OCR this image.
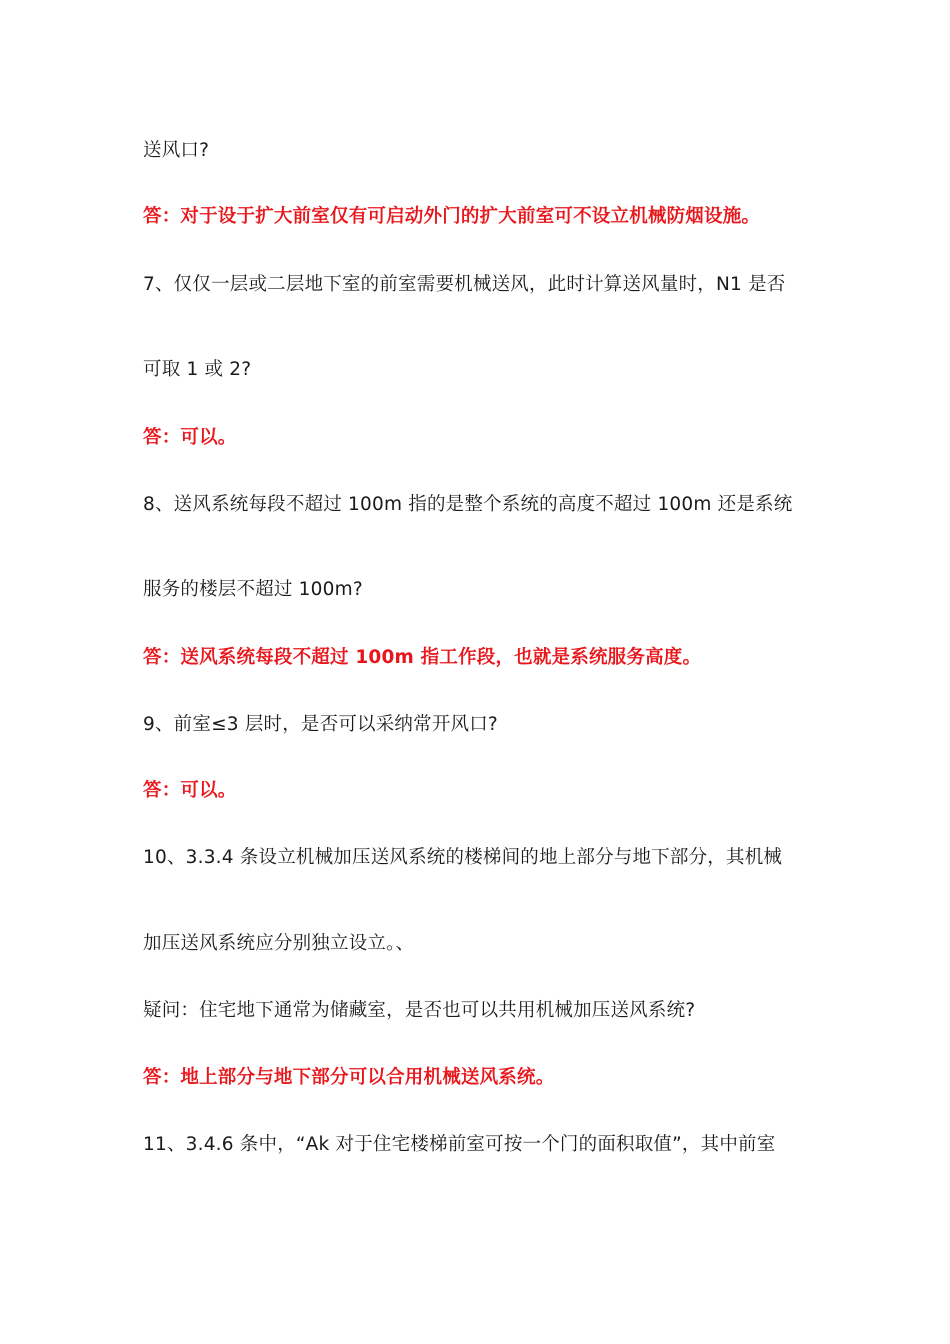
送风口?
答：对于设于扩大前室仅有可启动外门的扩大前室可不设立机械防烟设施。
7、仅仅一层或二层地下室的前室需要机械送风，此时计算送风量时，N1 是否
可取 1 或 2?
答：可以。
8、送风系统每段不超过 100m 指的是整个系统的高度不超过 100m 还是系统
服务的楼层不超过 100m?
答：送风系统每段不超过 100m 指工作段，也就是系统服务高度。
9、前室≤3 层时，是否可以采纳常开风口?
答：可以。
10、3.3.4 条设立机械加压送风系统的楼梯间的地上部分与地下部分，其机械
加压送风系统应分别独立设立。、
疑问：住宅地下通常为储藏室，是否也可以共用机械加压送风系统?
答：地上部分与地下部分可以合用机械送风系统。
11、3.4.6 条中，“Ak 对于住宅楼梯前室可按一个门的面积取值”，其中前室
